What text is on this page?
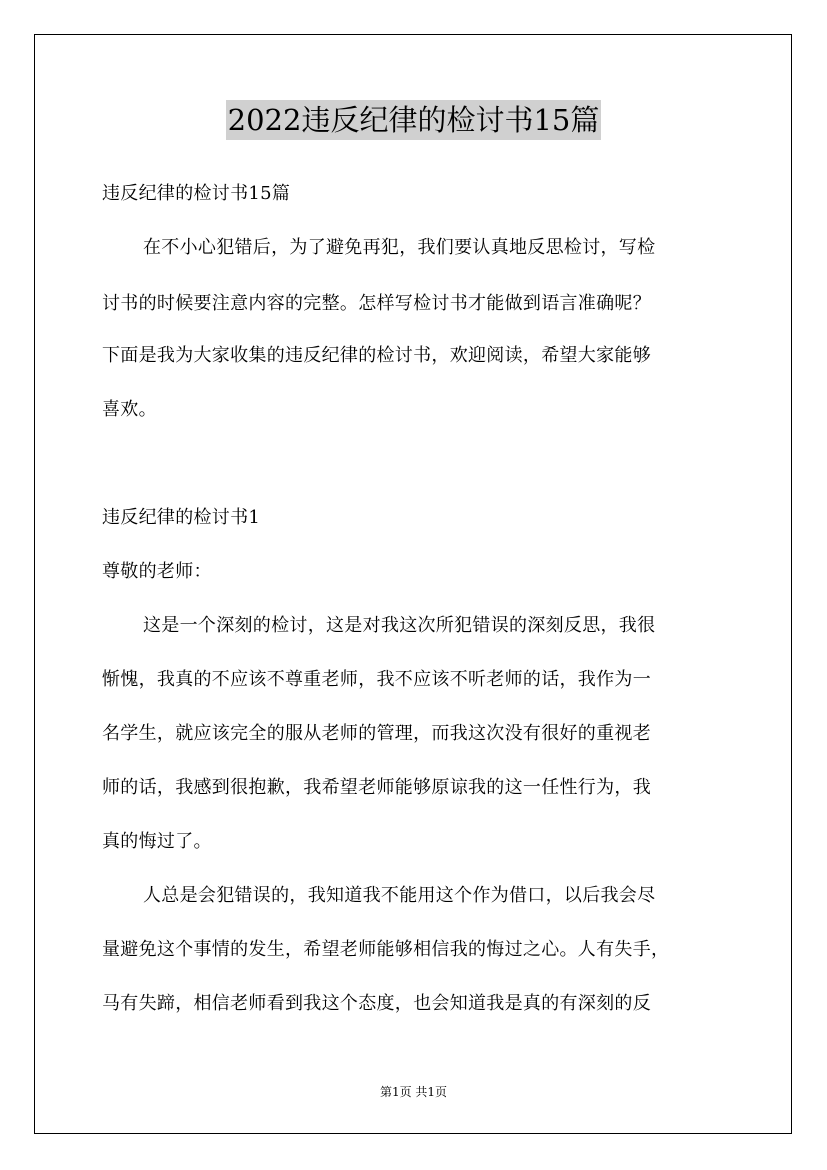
2022违反纪律的检讨书15篇
违反纪律的检讨书15篇
在不小心犯错后，为了避免再犯，我们要认真地反思检讨，写检
讨书的时候要注意内容的完整。怎样写检讨书才能做到语言准确呢？
下面是我为大家收集的违反纪律的检讨书，欢迎阅读，希望大家能够
喜欢。
违反纪律的检讨书1
尊敬的老师：
这是一个深刻的检讨，这是对我这次所犯错误的深刻反思，我很
惭愧，我真的不应该不尊重老师，我不应该不听老师的话，我作为一
名学生，就应该完全的服从老师的管理，而我这次没有很好的重视老
师的话，我感到很抱歉，我希望老师能够原谅我的这一任性行为，我
真的悔过了。
人总是会犯错误的，我知道我不能用这个作为借口，以后我会尽
量避免这个事情的发生，希望老师能够相信我的悔过之心。人有失手，
马有失蹄，相信老师看到我这个态度，也会知道我是真的有深刻的反
第1页 共1页
